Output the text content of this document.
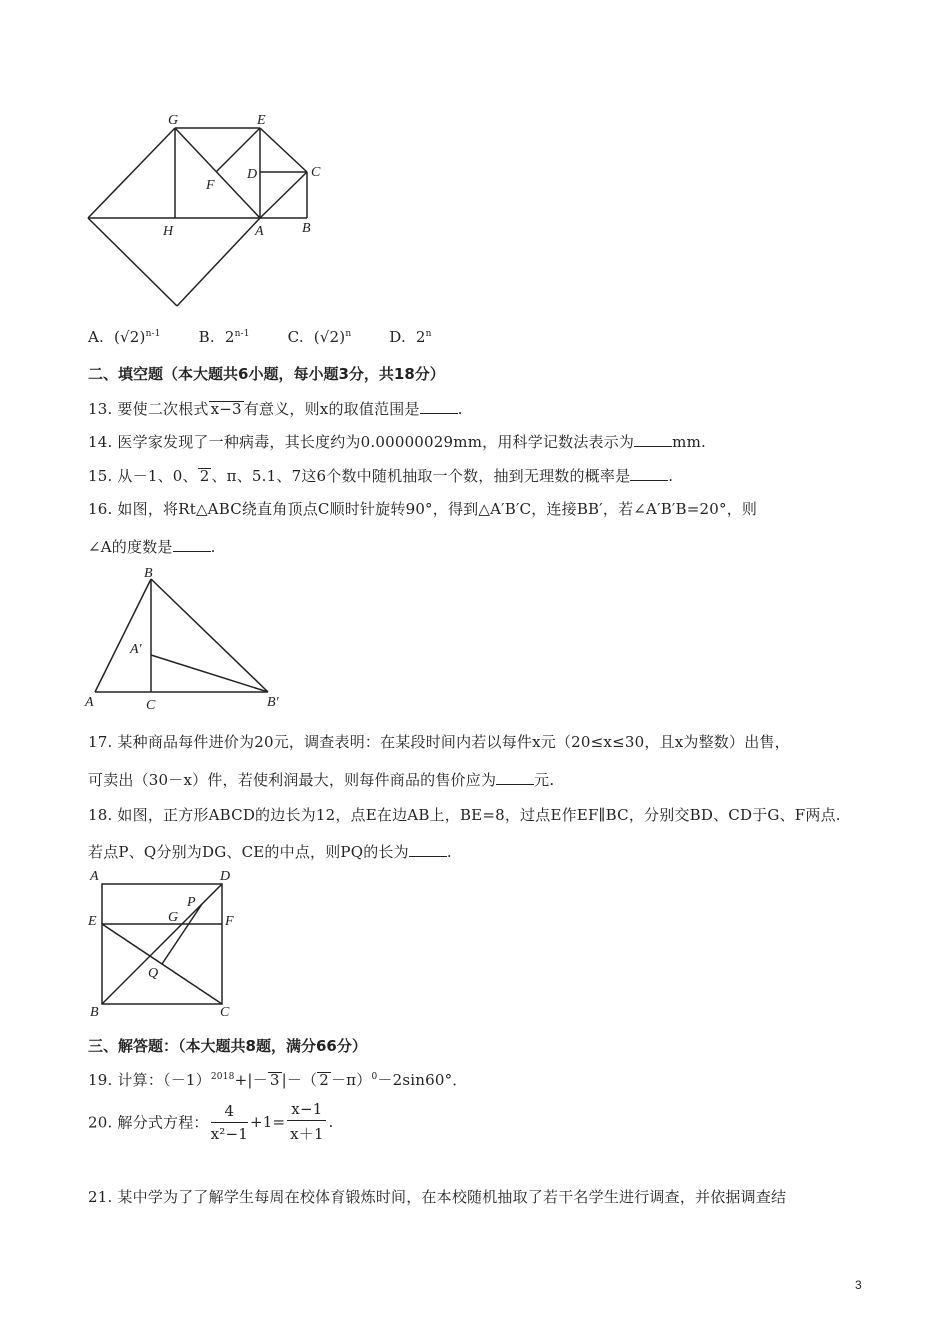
G	E
D	C
F
H	A	B
A. $(√2)^{n-1}$	B. 2$^{n-1}$	C. $(√2)^n$	D. 2$^n$
二、填空题（本大题共6小题，每小题3分，共18分）
13. 要使二次根式 x−3 有意义，则x的取值范围是	.
14. 医学家发现了一种病毒，其长度约为0.00000029mm，用科学记数法表示为	mm.
15. 从－1、0、 2 、π、5.1、7这6个数中随机抽取一个数，抽到无理数的概率是	.
16. 如图，将Rt△ABC绕直角顶点C顺时针旋转90°，得到△A′B′C，连接BB′，若∠A′B′B=20°，则
∠A的度数是	.
B
A′
A	C	B′
17. 某种商品每件进价为20元，调查表明：在某段时间内若以每件x元（20≤x≤30，且x为整数）出售，
可卖出（30－x）件，若使利润最大，则每件商品的售价应为	元.
18. 如图，正方形ABCD的边长为12，点E在边AB上，BE=8，过点E作EF∥BC，分别交BD、CD于G、F两点.
若点P、Q分别为DG、CE的中点，则PQ的长为	.
A	D
E	G
P
F
Q
B	C
三、解答题：（本大题共8题，满分66分）
19. 计算：$(-1)^{2018}+|- 3$ |－（ 2 －π）$^0$－2sin60°．
20. 解分式方程： $\frac{4}{\text{x²−1}} +1= \frac{x-1}{x+1}$ .
21. 某中学为了了解学生每周在校体育锻炼时间，在本校随机抽取了若干名学生进行调查，并依据调查结
3
